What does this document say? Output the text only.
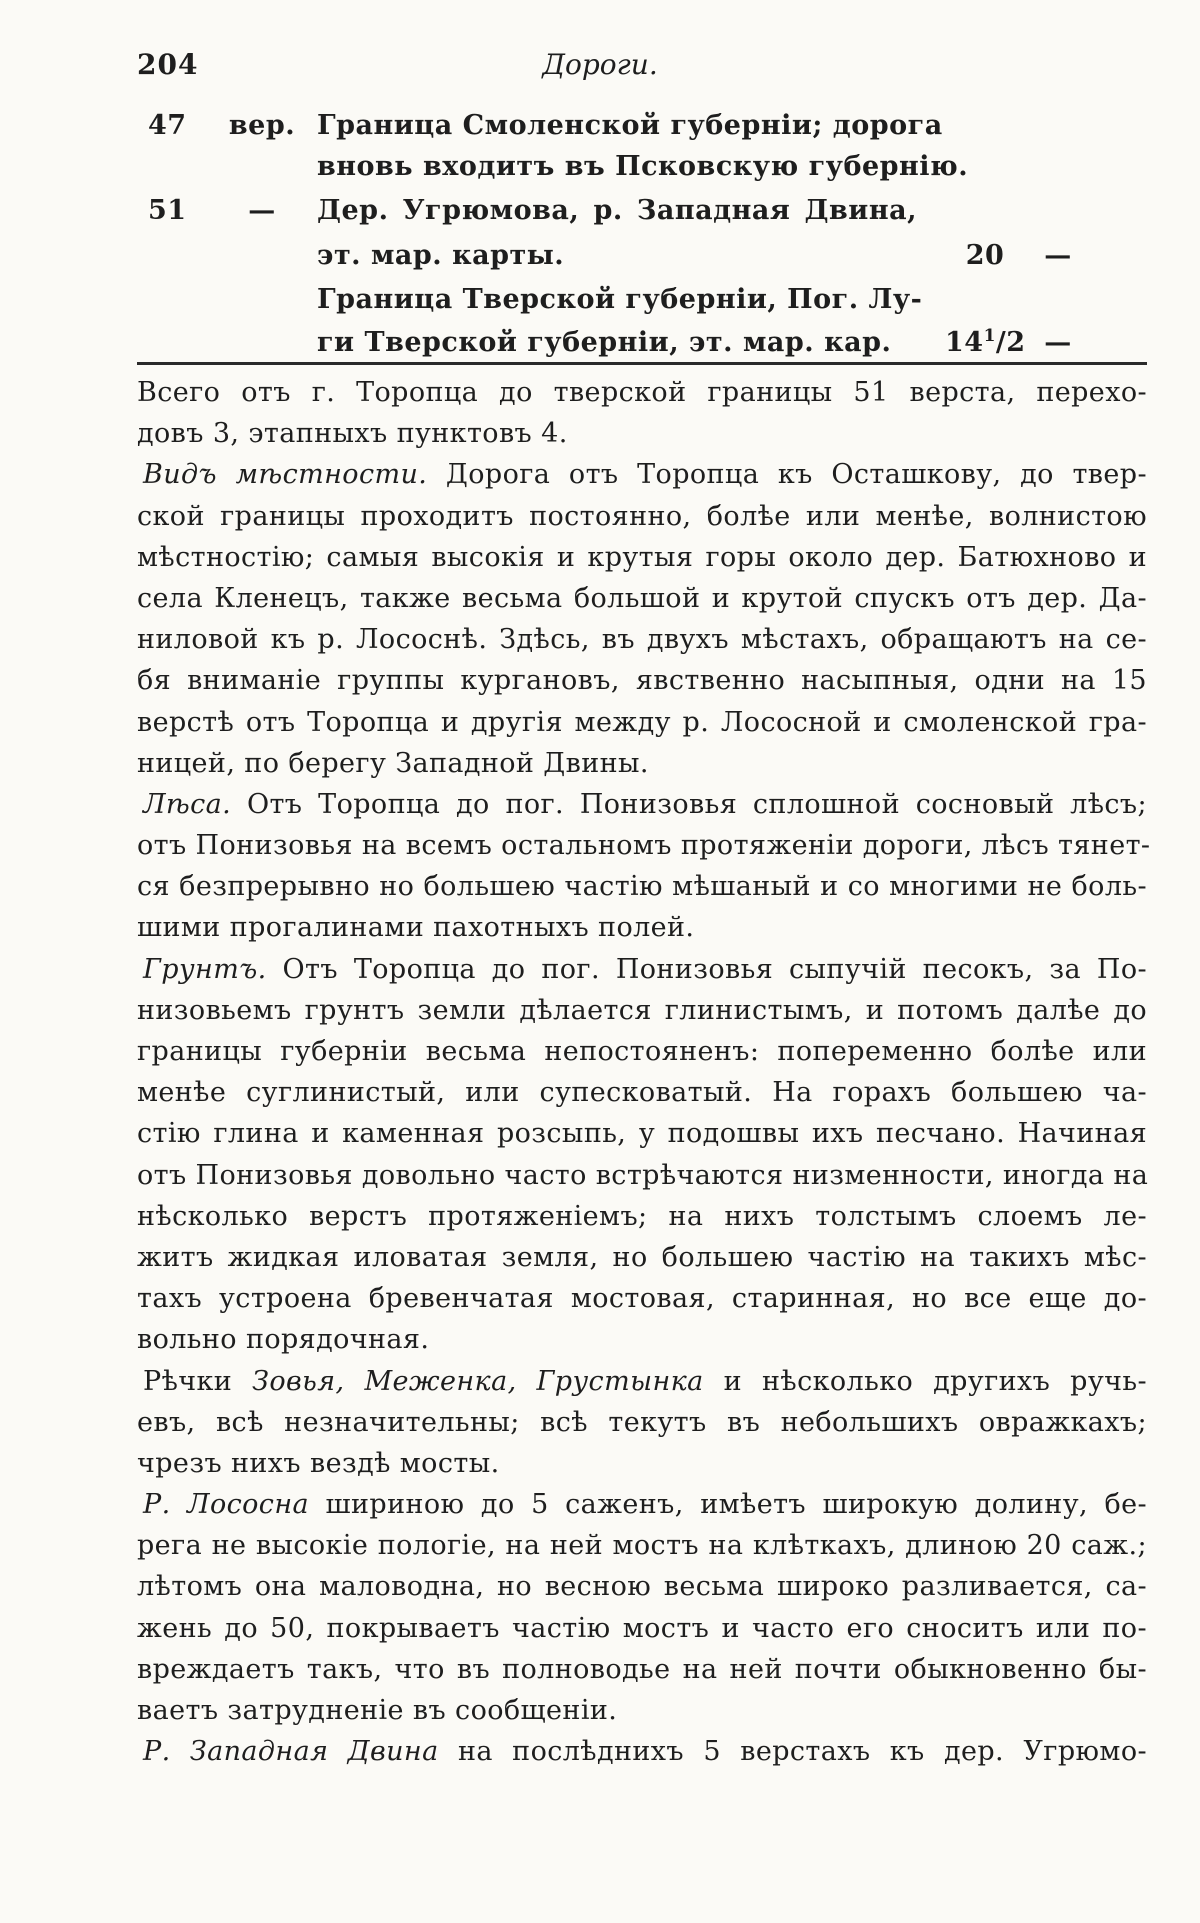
204	Дороги.
47 вер. Граница Смоленской губерніи; дорога
вновь входитъ въ Псковскую губернію.
51	—	Дер. Угрюмова, р. Западная Двина,
эт. мар. карты.	20	—
Граница Тверской губерніи, Пог. Лу-
ги Тверской губерніи, эт. мар. кар.	$14^1/2$ —
Всего отъ г. Торопца до тверской границы 51 верста, перехо-
довъ 3, этапныхъ пунктовъ 4.
Видъ мѣстности. Дорога отъ Торопца къ Осташкову, до твер-
ской границы проходитъ постоянно, болѣе или менѣе, волнистою
мѣстностію; самыя высокія и крутыя горы около дер. Батюхново и
села Кленецъ, также весьма большой и крутой спускъ отъ дер. Да-
ниловой къ р. Лососнѣ. Здѣсь, въ двухъ мѣстахъ, обращаютъ на се-
бя вниманіе группы кургановъ, явственно насыпныя, одни на 15
верстѣ отъ Торопца и другія между р. Лососной и смоленской гра-
ницей, по берегу Западной Двины.
Лѣса. Отъ Торопца до пог. Понизовья сплошной сосновый лѣсъ;
отъ Понизовья на всемъ остальномъ протяженіи дороги, лѣсъ тянет-
ся безпрерывно но большею частію мѣшаный и со многими не боль-
шими прогалинами пахотныхъ полей.
Грунтъ. Отъ Торопца до пог. Понизовья сыпучій песокъ, за По-
низовьемъ грунтъ земли дѣлается глинистымъ, и потомъ далѣе до
границы губерніи весьма непостояненъ: попеременно болѣе или
менѣе суглинистый, или супесковатый. На горахъ большею ча-
стію глина и каменная розсыпь, у подошвы ихъ песчано. Начиная
отъ Понизовья довольно часто встрѣчаются низменности, иногда на
нѣсколько верстъ протяженіемъ; на нихъ толстымъ слоемъ ле-
житъ жидкая иловатая земля, но большею частію на такихъ мѣс-
тахъ устроена бревенчатая мостовая, старинная, но все еще до-
вольно порядочная.
Рѣчки Зовья, Меженка, Грустынка и нѣсколько другихъ ручь-
евъ, всѣ незначительны; всѣ текутъ въ небольшихъ овражкахъ;
чрезъ нихъ вездѣ мосты.
Р. Лососна шириною до 5 саженъ, имѣетъ широкую долину, бе-
рега не высокіе пологіе, на ней мостъ на клѣткахъ, длиною 20 саж.;
лѣтомъ она маловодна, но весною весьма широко разливается, са-
жень до 50, покрываетъ частію мостъ и часто его сноситъ или по-
вреждаетъ такъ, что въ полноводье на ней почти обыкновенно бы-
ваетъ затрудненіе въ сообщеніи.
Р. Западная Двина на послѣднихъ 5 верстахъ къ дер. Угрюмо-
